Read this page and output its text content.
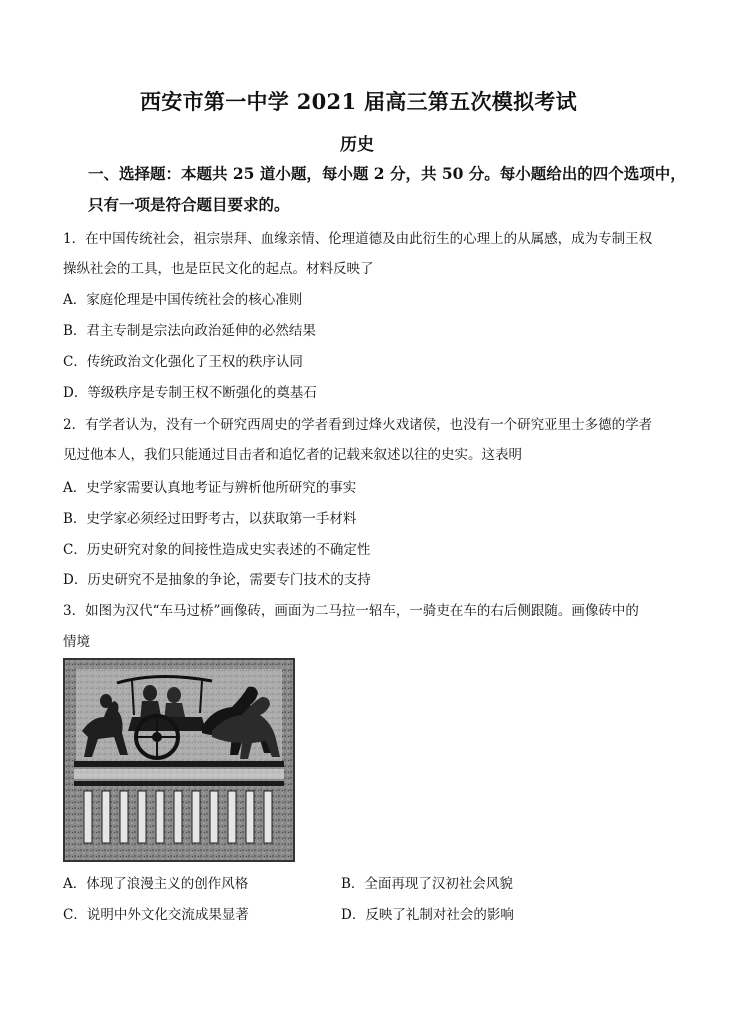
西安市第一中学 2021 届高三第五次模拟考试
历史
一、选择题：本题共 25 道小题，每小题 2 分，共 50 分。每小题给出的四个选项中，
只有一项是符合题目要求的。
1．在中国传统社会，祖宗崇拜、血缘亲情、伦理道德及由此衍生的心理上的从属感，成为专制王权
操纵社会的工具，也是臣民文化的起点。材料反映了
A．家庭伦理是中国传统社会的核心准则
B．君主专制是宗法向政治延伸的必然结果
C．传统政治文化强化了王权的秩序认同
D．等级秩序是专制王权不断强化的奠基石
2．有学者认为，没有一个研究西周史的学者看到过烽火戏诸侯，也没有一个研究亚里士多德的学者
见过他本人，我们只能通过目击者和追忆者的记载来叙述以往的史实。这表明
A．史学家需要认真地考证与辨析他所研究的事实
B．史学家必须经过田野考古，以获取第一手材料
C．历史研究对象的间接性造成史实表述的不确定性
D．历史研究不是抽象的争论，需要专门技术的支持
3．如图为汉代“车马过桥”画像砖，画面为二马拉一轺车，一骑吏在车的右后侧跟随。画像砖中的
情境
A．体现了浪漫主义的创作风格	B．全面再现了汉初社会风貌
C．说明中外文化交流成果显著	D．反映了礼制对社会的影响
